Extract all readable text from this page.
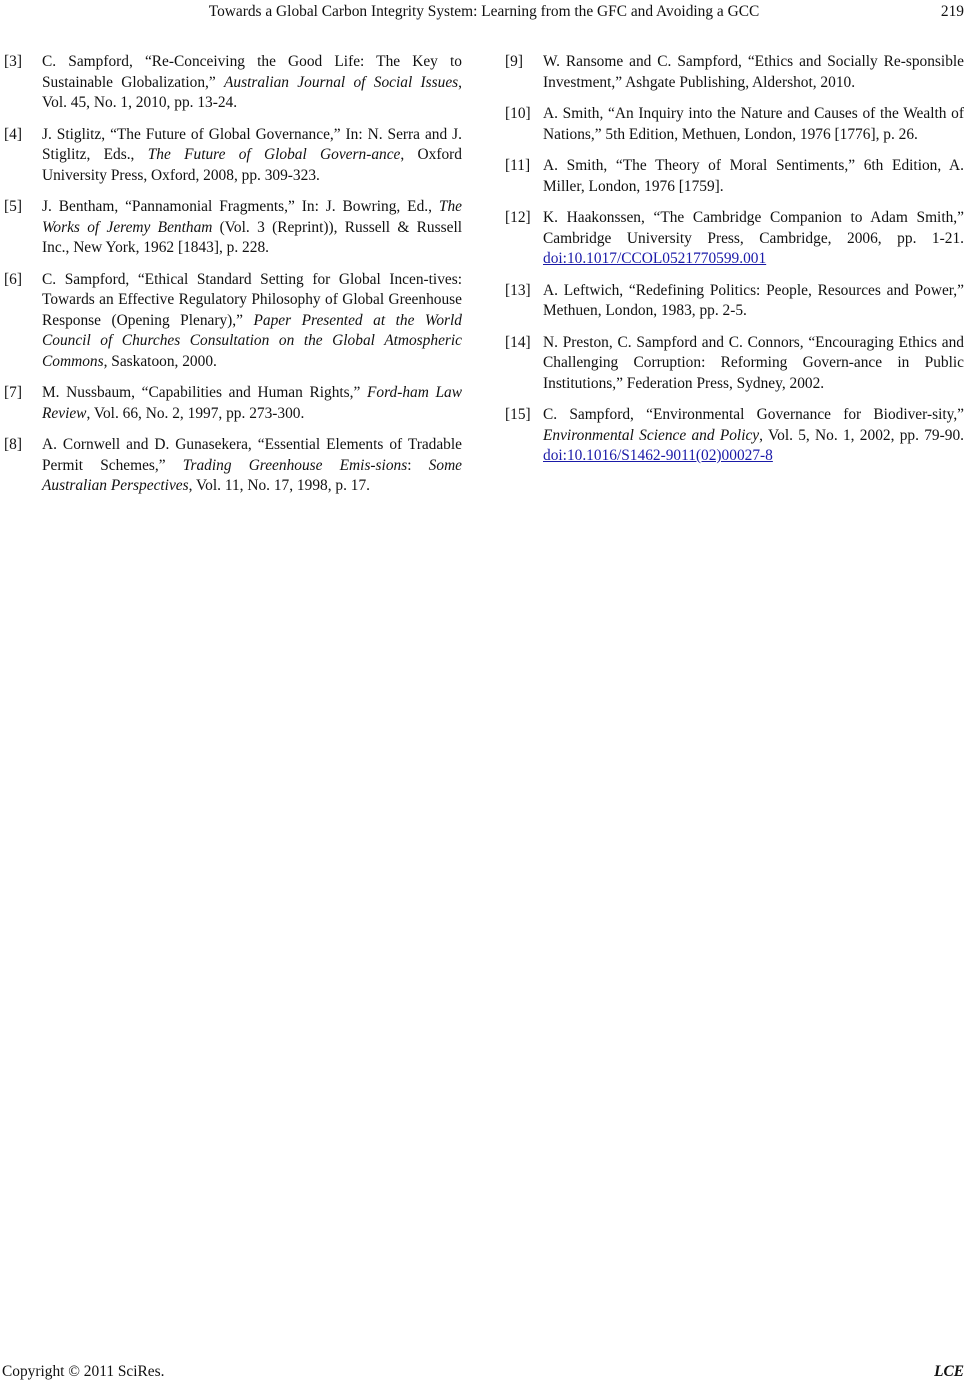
Towards a Global Carbon Integrity System: Learning from the GFC and Avoiding a GCC	219
[3]	C. Sampford, “Re-Conceiving the Good Life: The Key to Sustainable Globalization,” Australian Journal of Social Issues, Vol. 45, No. 1, 2010, pp. 13-24.
[4]	J. Stiglitz, “The Future of Global Governance,” In: N. Serra and J. Stiglitz, Eds., The Future of Global Govern-ance, Oxford University Press, Oxford, 2008, pp. 309-323.
[5]	J. Bentham, “Pannamonial Fragments,” In: J. Bowring, Ed., The Works of Jeremy Bentham (Vol. 3 (Reprint)), Russell & Russell Inc., New York, 1962 [1843], p. 228.
[6]	C. Sampford, “Ethical Standard Setting for Global Incen-tives: Towards an Effective Regulatory Philosophy of Global Greenhouse Response (Opening Plenary),” Paper Presented at the World Council of Churches Consultation on the Global Atmospheric Commons, Saskatoon, 2000.
[7]	M. Nussbaum, “Capabilities and Human Rights,” Ford-ham Law Review, Vol. 66, No. 2, 1997, pp. 273-300.
[8]	A. Cornwell and D. Gunasekera, “Essential Elements of Tradable Permit Schemes,” Trading Greenhouse Emis-sions: Some Australian Perspectives, Vol. 11, No. 17, 1998, p. 17.
[9]	W. Ransome and C. Sampford, “Ethics and Socially Re-sponsible Investment,” Ashgate Publishing, Aldershot, 2010.
[10] A. Smith, “An Inquiry into the Nature and Causes of the Wealth of Nations,” 5th Edition, Methuen, London, 1976 [1776], p. 26.
[11] A. Smith, “The Theory of Moral Sentiments,” 6th Edition, A. Miller, London, 1976 [1759].
[12] K. Haakonssen, “The Cambridge Companion to Adam Smith,” Cambridge University Press, Cambridge, 2006, pp. 1-21. doi:10.1017/CCOL0521770599.001
[13] A. Leftwich, “Redefining Politics: People, Resources and Power,” Methuen, London, 1983, pp. 2-5.
[14] N. Preston, C. Sampford and C. Connors, “Encouraging Ethics and Challenging Corruption: Reforming Govern-ance in Public Institutions,” Federation Press, Sydney, 2002.
[15] C. Sampford, “Environmental Governance for Biodiver-sity,” Environmental Science and Policy, Vol. 5, No. 1, 2002, pp. 79-90. doi:10.1016/S1462-9011(02)00027-8
Copyright © 2011 SciRes.	LCE
